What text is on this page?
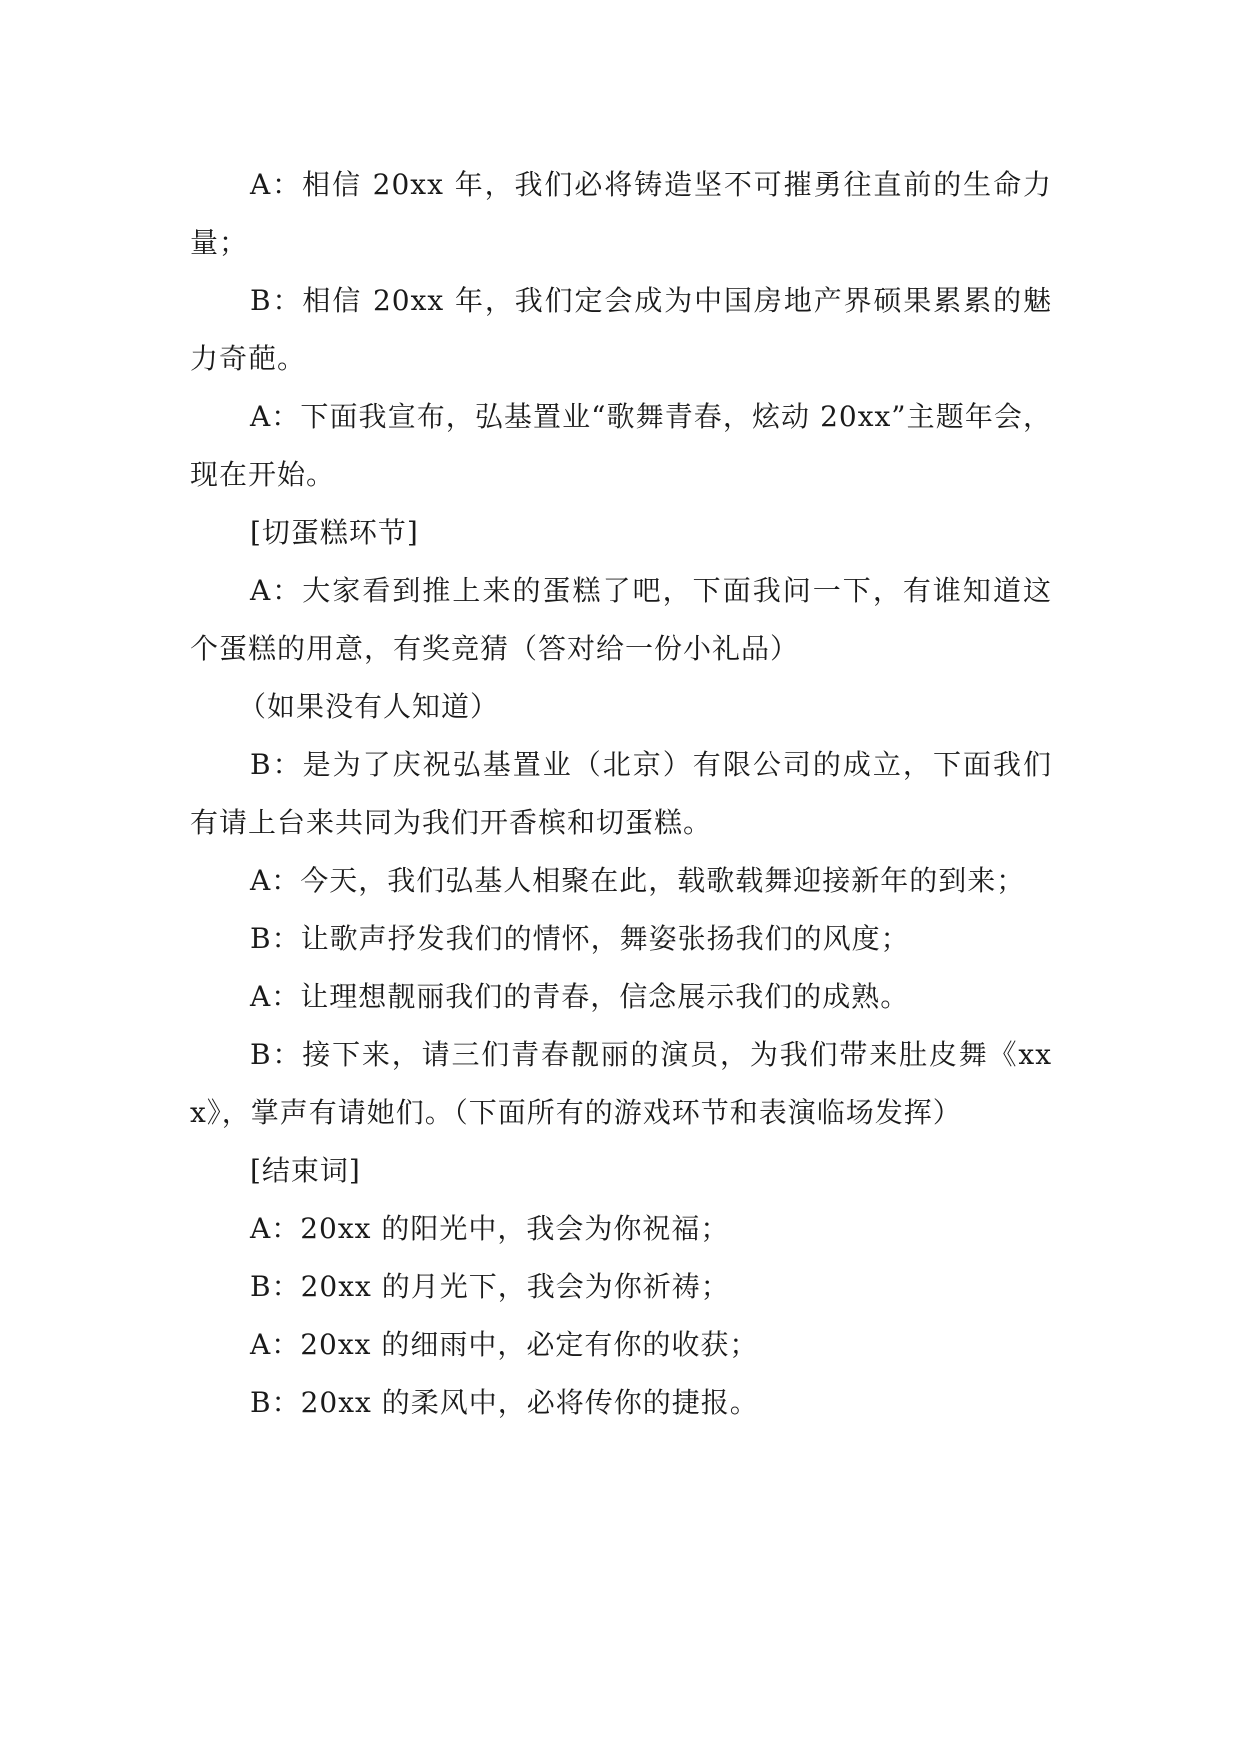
A：相信 20xx 年，我们必将铸造坚不可摧勇往直前的生命力量；

B：相信 20xx 年，我们定会成为中国房地产界硕果累累的魅力奇葩。

A：下面我宣布，弘基置业“歌舞青春，炫动 20xx”主题年会，现在开始。

[切蛋糕环节]

A：大家看到推上来的蛋糕了吧，下面我问一下，有谁知道这个蛋糕的用意，有奖竞猜（答对给一份小礼品）

（如果没有人知道）

B：是为了庆祝弘基置业（北京）有限公司的成立，下面我们有请上台来共同为我们开香槟和切蛋糕。

A：今天，我们弘基人相聚在此，载歌载舞迎接新年的到来；

B：让歌声抒发我们的情怀，舞姿张扬我们的风度；

A：让理想靓丽我们的青春，信念展示我们的成熟。

B：接下来，请三们青春靓丽的演员，为我们带来肚皮舞《xxx》，掌声有请她们。（下面所有的游戏环节和表演临场发挥）

[结束词]

A：20xx 的阳光中，我会为你祝福；

B：20xx 的月光下，我会为你祈祷；

A：20xx 的细雨中，必定有你的收获；

B：20xx 的柔风中，必将传你的捷报。
